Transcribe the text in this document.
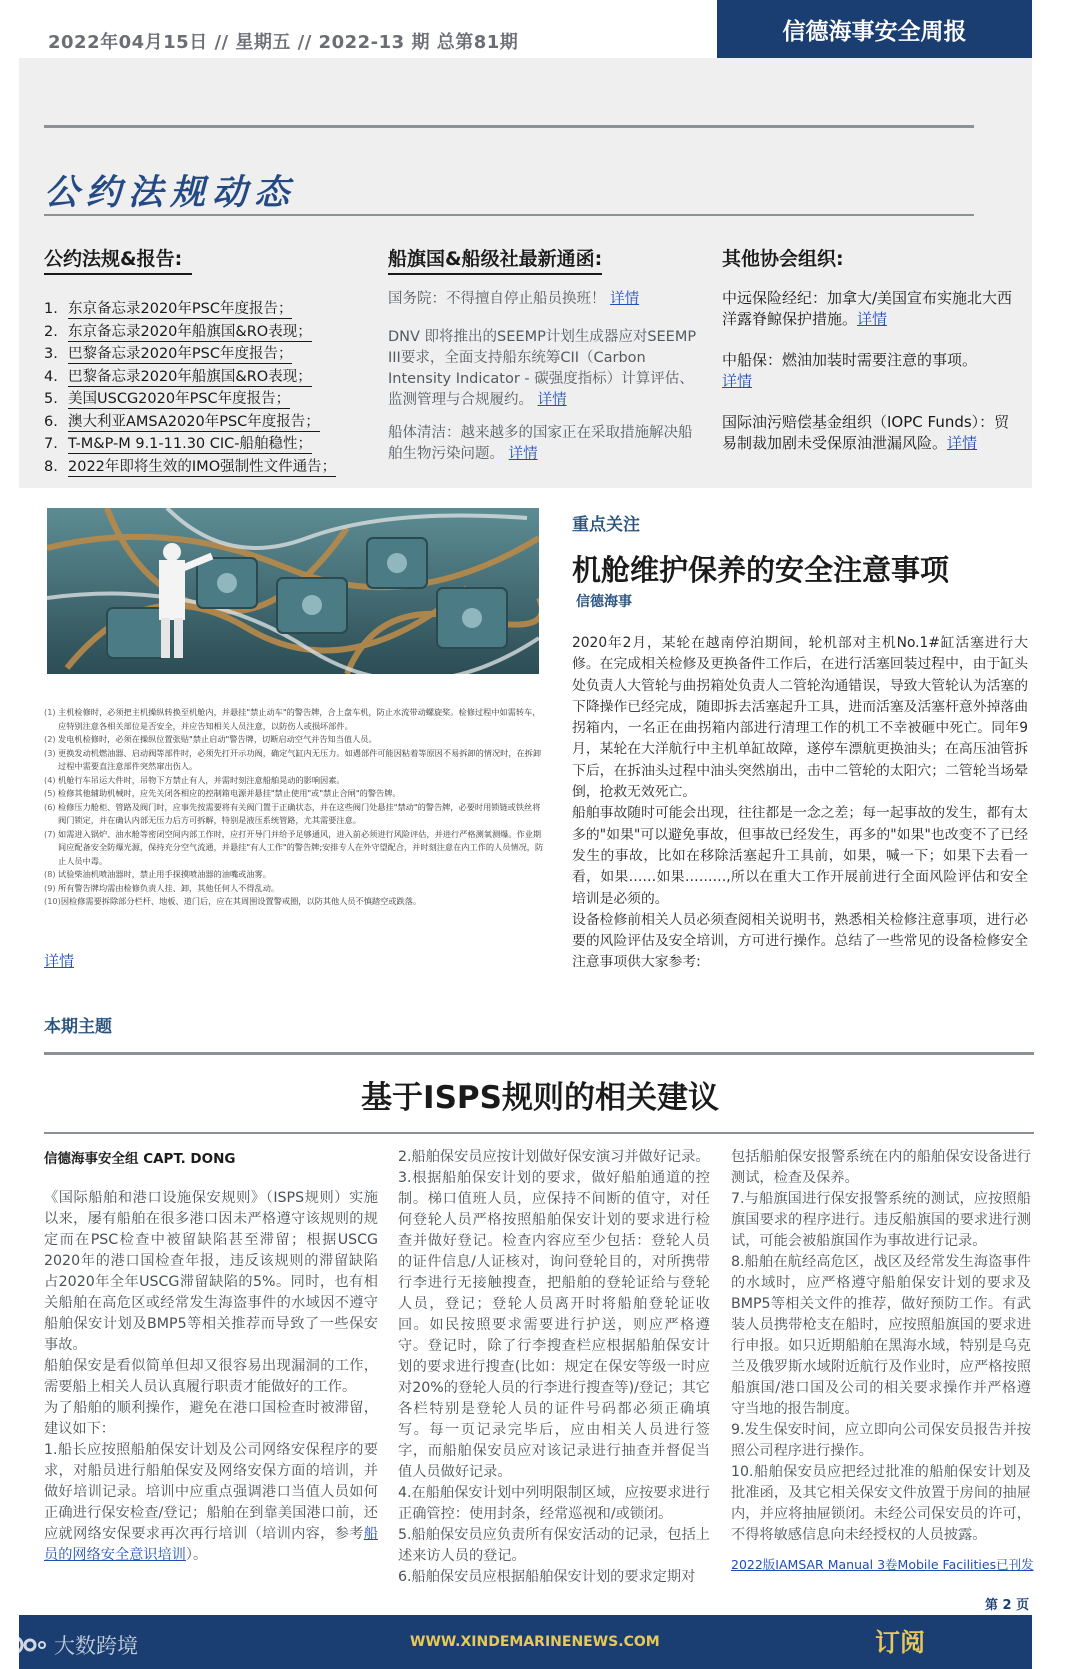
2022年04月15日 // 星期五 // 2022-13 期 总第81期	信德海事安全周报
公约法规动态
公约法规&报告:
1. 东京备忘录2020年PSC年度报告；
2. 东京备忘录2020年船旗国&RO表现；
3. 巴黎备忘录2020年PSC年度报告；
4. 巴黎备忘录2020年船旗国&RO表现；
5. 美国USCG2020年PSC年度报告；
6. 澳大利亚AMSA2020年PSC年度报告；
7. T-M&P-M 9.1-11.30 CIC-船舶稳性；
8. 2022年即将生效的IMO强制性文件通告；
船旗国&船级社最新通函:
国务院：不得擅自停止船员换班！ 详情
DNV 即将推出的SEEMP计划生成器应对SEEMP III要求，全面支持船东统筹CII（Carbon Intensity Indicator - 碳强度指标）计算评估、监测管理与合规履约。 详情
船体清洁：越来越多的国家正在采取措施解决船舶生物污染问题。 详情
其他协会组织:
中远保险经纪：加拿大/美国宣布实施北大西洋露脊鲸保护措施。详情
中船保：燃油加装时需要注意的事项。
详情
国际油污赔偿基金组织（IOPC Funds）：贸易制裁加剧未受保原油泄漏风险。详情
(1) 主机检修时，必须把主机操纵转换至机舱内，并悬挂"禁止动车"的警告牌，合上盘车机，防止水流带动螺旋桨。检修过程中如需转车，应特别注意各相关部位是否安全，并应告知相关人员注意，以防伤人或损坏部件。
(2) 发电机检修时，必须在操纵位置张贴"禁止启动"警告牌，切断启动空气并告知当值人员。
(3) 更换发动机燃油器、启动阀等部件时，必须先打开示功阀，确定气缸内无压力。如遇部件可能因粘着等原因不易拆卸的情况时，在拆卸过程中需要直注意部件突然窜出伤人。
(4) 机舱行车吊运大件时，吊物下方禁止有人，并需时刻注意船舶晃动的影响因素。
(5) 检修其他辅助机械时，应先关闭各相应的控制箱电源并悬挂"禁止使用"或"禁止合闸"的警告牌。
(6) 检修压力舱柜、管路及阀门时，应事先按需要将有关阀门置于正确状态，并在这些阀门处悬挂"禁动"的警告牌，必要时用锁链或铁丝将阀门锁定，并在确认内部无压力后方可拆解，特别是液压系统管路，尤其需要注意。
(7) 如需进入锅炉、油水舱等密闭空间内部工作时，应打开导门并给予足够通风，进入前必须进行风险评估，并进行严格测氧测爆。作业期间应配备安全防爆光源，保持充分空气流通，并悬挂"有人工作"的警告牌;安排专人在外守望配合，并时刻注意在内工作的人员情况，防止人员中毒。
(8) 试验柴油机喷油器时，禁止用手探摸喷油器的油嘴或油雾。
(9) 所有警告牌均需由检修负责人挂、卸，其他任何人不得乱动。
(10) 因检修需要拆除部分栏杆、地板、道门后，应在其周围设置警戒圈，以防其他人员不慎踏空或跌落。
详情
重点关注
机舱维护保养的安全注意事项
信德海事

2020年2月，某轮在越南停泊期间，轮机部对主机No.1#缸活塞进行大修。在完成相关检修及更换备件工作后，在进行活塞回装过程中，由于缸头处负责人大管轮与曲拐箱处负责人二管轮沟通错误，导致大管轮认为活塞的下降操作已经完成，随即拆去活塞起升工具，进而活塞及活塞杆意外掉落曲拐箱内，一名正在曲拐箱内部进行清理工作的机工不幸被砸中死亡。同年9月，某轮在大洋航行中主机单缸故障，遂停车漂航更换油头；在高压油管拆下后，在拆油头过程中油头突然崩出，击中二管轮的太阳穴；二管轮当场晕倒，抢救无效死亡。

船舶事故随时可能会出现，往往都是一念之差；每一起事故的发生，都有太多的"如果"可以避免事故，但事故已经发生，再多的"如果"也改变不了已经发生的事故，比如在移除活塞起升工具前，如果，喊一下；如果下去看一看，如果……如果………,所以在重大工作开展前进行全面风险评估和安全培训是必须的。

设备检修前相关人员必须查阅相关说明书，熟悉相关检修注意事项，进行必要的风险评估及安全培训，方可进行操作。总结了一些常见的设备检修安全注意事项供大家参考:

本期主题
基于ISPS规则的相关建议
信德海事安全组 CAPT. DONG

《国际船舶和港口设施保安规则》（ISPS规则）实施以来，屡有船舶在很多港口因未严格遵守该规则的规定而在PSC检查中被留缺陷甚至滞留；根据USCG 2020年的港口国检查年报，违反该规则的滞留缺陷占2020年全年USCG滞留缺陷的5%。同时，也有相关船舶在高危区或经常发生海盗事件的水域因不遵守船舶保安计划及BMP5等相关推荐而导致了一些保安事故。

船舶保安是看似简单但却又很容易出现漏洞的工作，需要船上相关人员认真履行职责才能做好的工作。

为了船舶的顺利操作，避免在港口国检查时被滞留，建议如下：

1.船长应按照船舶保安计划及公司网络安保程序的要求，对船员进行船舶保安及网络安保方面的培训，并做好培训记录。培训中应重点强调港口当值人员如何正确进行保安检查/登记；船舶在到靠美国港口前，还应就网络安保要求再次再行培训（培训内容，参考船员的网络安全意识培训）。

2.船舶保安员应按计划做好保安演习并做好记录。

3.根据船舶保安计划的要求，做好船舶通道的控制。梯口值班人员，应保持不间断的值守，对任何登轮人员严格按照船舶保安计划的要求进行检查并做好登记。检查内容应至少包括：登轮人员的证件信息/人证核对，询问登轮目的，对所携带行李进行无接触搜查，把船舶的登轮证给与登轮人员，登记；登轮人员离开时将船舶登轮证收回。如民按照要求需要进行护送，则应严格遵守。登记时，除了行李搜查栏应根据船舶保安计划的要求进行搜查(比如：规定在保安等级一时应对20%的登轮人员的行李进行搜查等)/登记；其它各栏特别是登轮人员的证件号码都必须正确填写。每一页记录完毕后，应由相关人员进行签字，而船舶保安员应对该记录进行抽查并督促当值人员做好记录。

4.在船舶保安计划中列明限制区域，应按要求进行正确管控：使用封条，经常巡视和/或锁闭。

5.船舶保安员应负责所有保安活动的记录，包括上述来访人员的登记。

6.船舶保安员应根据船舶保安计划的要求定期对

包括船舶保安报警系统在内的船舶保安设备进行测试，检查及保养。

7.与船旗国进行保安报警系统的测试，应按照船旗国要求的程序进行。违反船旗国的要求进行测试，可能会被船旗国作为事故进行记录。

8.船舶在航经高危区，战区及经常发生海盗事件的水域时，应严格遵守船舶保安计划的要求及BMP5等相关文件的推荐，做好预防工作。有武装人员携带枪支在船时，应按照船旗国的要求进行申报。如只近期船舶在黑海水域，特别是乌克兰及俄罗斯水域附近航行及作业时，应严格按照船旗国/港口国及公司的相关要求操作并严格遵守当地的报告制度。

9.发生保安时间，应立即向公司保安员报告并按照公司程序进行操作。

10.船舶保安员应把经过批准的船舶保安计划及批准函，及其它相关保安文件放置于房间的抽屉内，并应将抽屉锁闭。未经公司保安员的许可，不得将敏感信息向未经授权的人员披露。

2022版IAMSAR Manual 3卷Mobile Facilities已刊发
第 2 页
WWW.XINDEMARINENEWS.COM	订阅
大数跨境
